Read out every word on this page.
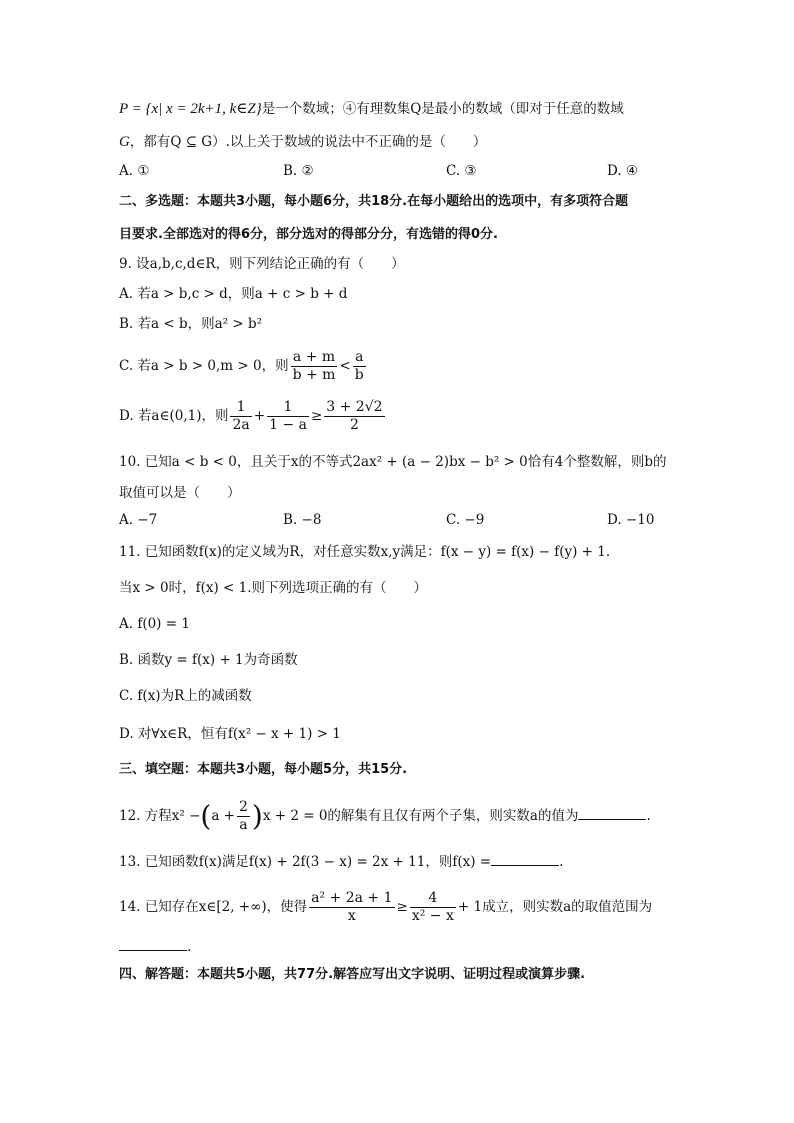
P = {x| x = 2k+1, k∈Z}是一个数域；④有理数集Q是最小的数域（即对于任意的数域
G，都有Q ⊆ G）.以上关于数域的说法中不正确的是（　　）
A. ①	B. ②	C. ③	D. ④
二、多选题：本题共3小题，每小题6分，共18分.在每小题给出的选项中，有多项符合题
目要求.全部选对的得6分，部分选对的得部分分，有选错的得0分.
9. 设a,b,c,d∈R，则下列结论正确的有（　　）
A. 若a > b,c > d，则a + c > b + d
B. 若a < b，则a² > b²
C. 若a > b > 0,m > 0，则 $\frac{a + m}{b + m} < \frac{a}{b}$
D. 若a∈(0,1)，则 $\frac{1}{2a} + \frac{1}{1 - a} \ge \frac{3 + 2√2}{2}$
10. 已知a < b < 0，且关于x的不等式2ax² + (a − 2)bx − b² > 0恰有4个整数解，则b的
取值可以是（　　）
A. −7	B. −8	C. −9	D. −10
11. 已知函数f(x)的定义域为R，对任意实数x,y满足：f(x − y) = f(x) − f(y) + 1.
当x > 0时，f(x) < 1.则下列选项正确的有（　　）
A. f(0) = 1
B. 函数y = f(x) + 1为奇函数
C. f(x)为R上的减函数
D. 对∀x∈R，恒有f(x² − x + 1) > 1
三、填空题：本题共3小题，每小题5分，共15分.
12. 方程$x^2 -(a + \frac{2}{a} )x + 2 = 0$的解集有且仅有两个子集，则实数a的值为	.
13. 已知函数f(x)满足f(x) + 2f(3 − x) = 2x + 11，则f(x) =	.
14. 已知存在x∈[2, +∞)，使得 $\frac{\text{a² + 2a + 1}}{x} \ge \frac{4}{\text{x² − x}} + 1$成立，则实数a的取值范围为
.
四、解答题：本题共5小题，共77分.解答应写出文字说明、证明过程或演算步骤.
